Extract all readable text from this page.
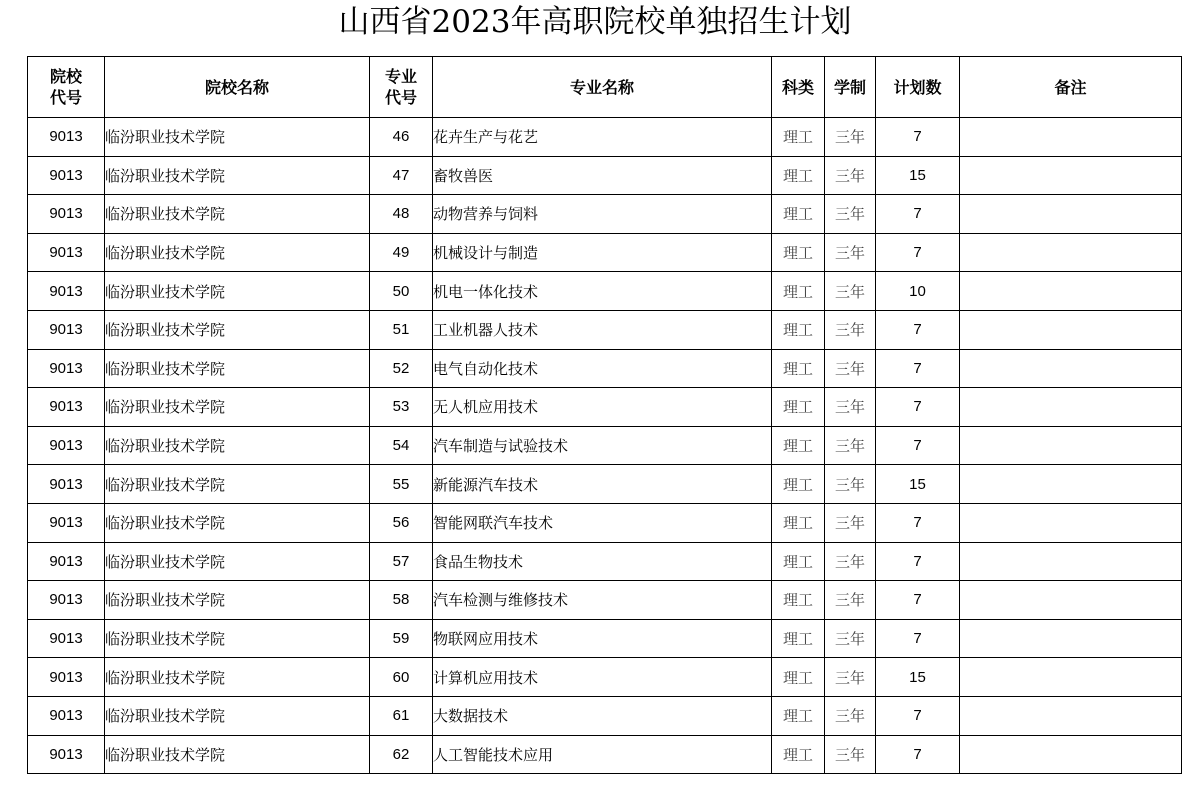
山西省2023年高职院校单独招生计划
院校代号	院校名称	专业代号	专业名称	科类	学制	计划数	备注
9013	临汾职业技术学院	46	花卉生产与花艺	理工	三年	7	
9013	临汾职业技术学院	47	畜牧兽医	理工	三年	15	
9013	临汾职业技术学院	48	动物营养与饲料	理工	三年	7	
9013	临汾职业技术学院	49	机械设计与制造	理工	三年	7	
9013	临汾职业技术学院	50	机电一体化技术	理工	三年	10	
9013	临汾职业技术学院	51	工业机器人技术	理工	三年	7	
9013	临汾职业技术学院	52	电气自动化技术	理工	三年	7	
9013	临汾职业技术学院	53	无人机应用技术	理工	三年	7	
9013	临汾职业技术学院	54	汽车制造与试验技术	理工	三年	7	
9013	临汾职业技术学院	55	新能源汽车技术	理工	三年	15	
9013	临汾职业技术学院	56	智能网联汽车技术	理工	三年	7	
9013	临汾职业技术学院	57	食品生物技术	理工	三年	7	
9013	临汾职业技术学院	58	汽车检测与维修技术	理工	三年	7	
9013	临汾职业技术学院	59	物联网应用技术	理工	三年	7	
9013	临汾职业技术学院	60	计算机应用技术	理工	三年	15	
9013	临汾职业技术学院	61	大数据技术	理工	三年	7	
9013	临汾职业技术学院	62	人工智能技术应用	理工	三年	7	
